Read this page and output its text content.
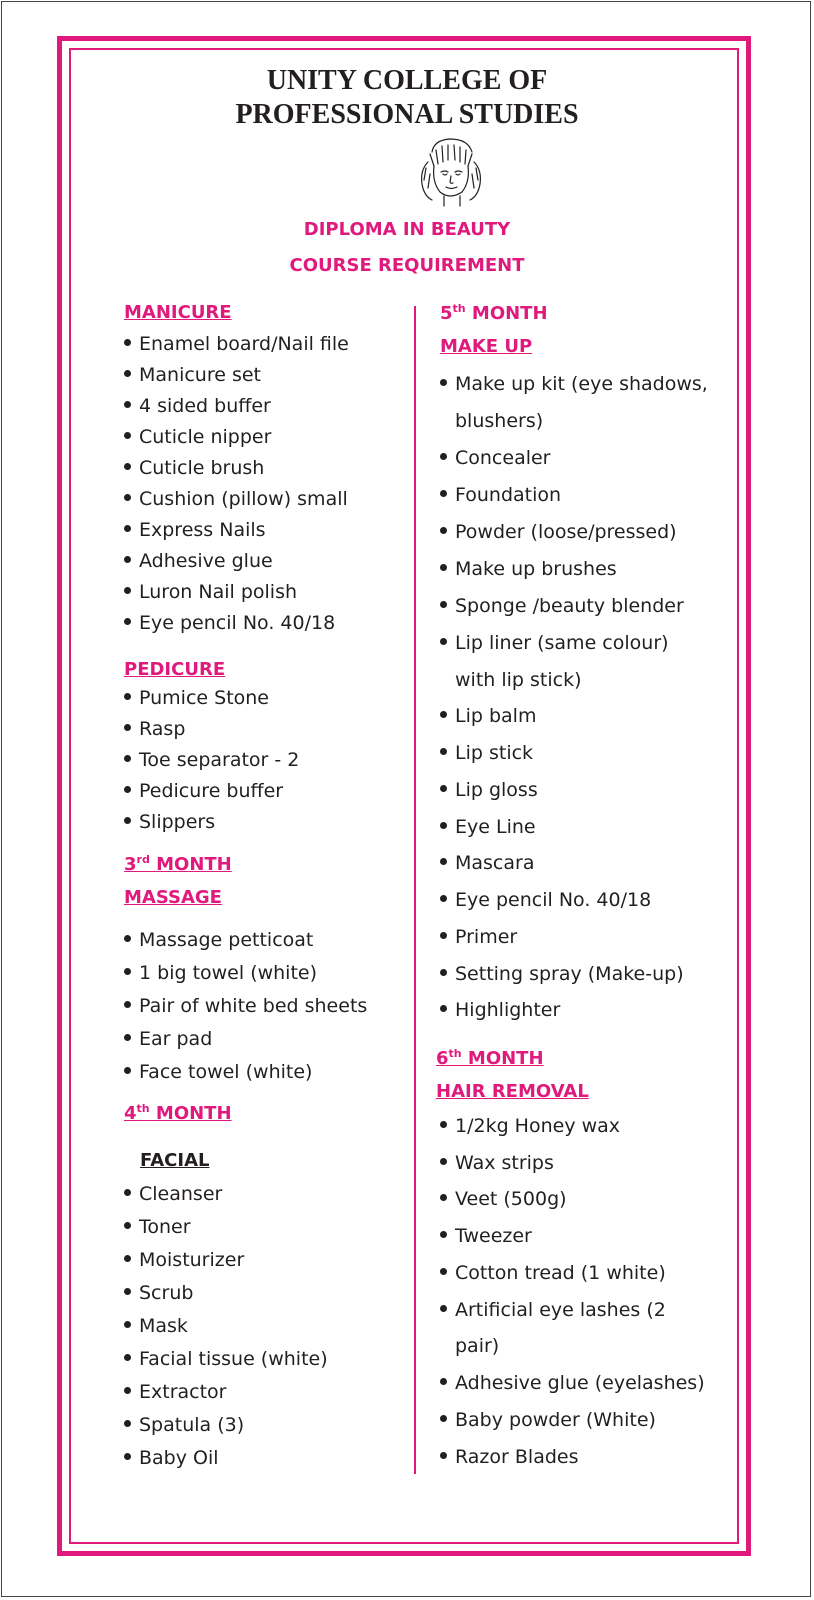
UNITY COLLEGE OF
PROFESSIONAL STUDIES
DIPLOMA IN BEAUTY
COURSE REQUIREMENT
MANICURE
Enamel board/Nail file
Manicure set
4 sided buffer
Cuticle nipper
Cuticle brush
Cushion (pillow) small
Express Nails
Adhesive glue
Luron Nail polish
Eye pencil No. 40/18
PEDICURE
Pumice Stone
Rasp
Toe separator - 2
Pedicure buffer
Slippers
3rd MONTH
MASSAGE
Massage petticoat
1 big towel (white)
Pair of white bed sheets
Ear pad
Face towel (white)
4th MONTH
FACIAL
Cleanser
Toner
Moisturizer
Scrub
Mask
Facial tissue (white)
Extractor
Spatula (3)
Baby Oil
5th MONTH
MAKE UP
Make up kit (eye shadows,
blushers)
Concealer
Foundation
Powder (loose/pressed)
Make up brushes
Sponge /beauty blender
Lip liner (same colour)
with lip stick)
Lip balm
Lip stick
Lip gloss
Eye Line
Mascara
Eye pencil No. 40/18
Primer
Setting spray (Make-up)
Highlighter
6th MONTH
HAIR REMOVAL
1/2kg Honey wax
Wax strips
Veet (500g)
Tweezer
Cotton tread (1 white)
Artificial eye lashes (2
pair)
Adhesive glue (eyelashes)
Baby powder (White)
Razor Blades
